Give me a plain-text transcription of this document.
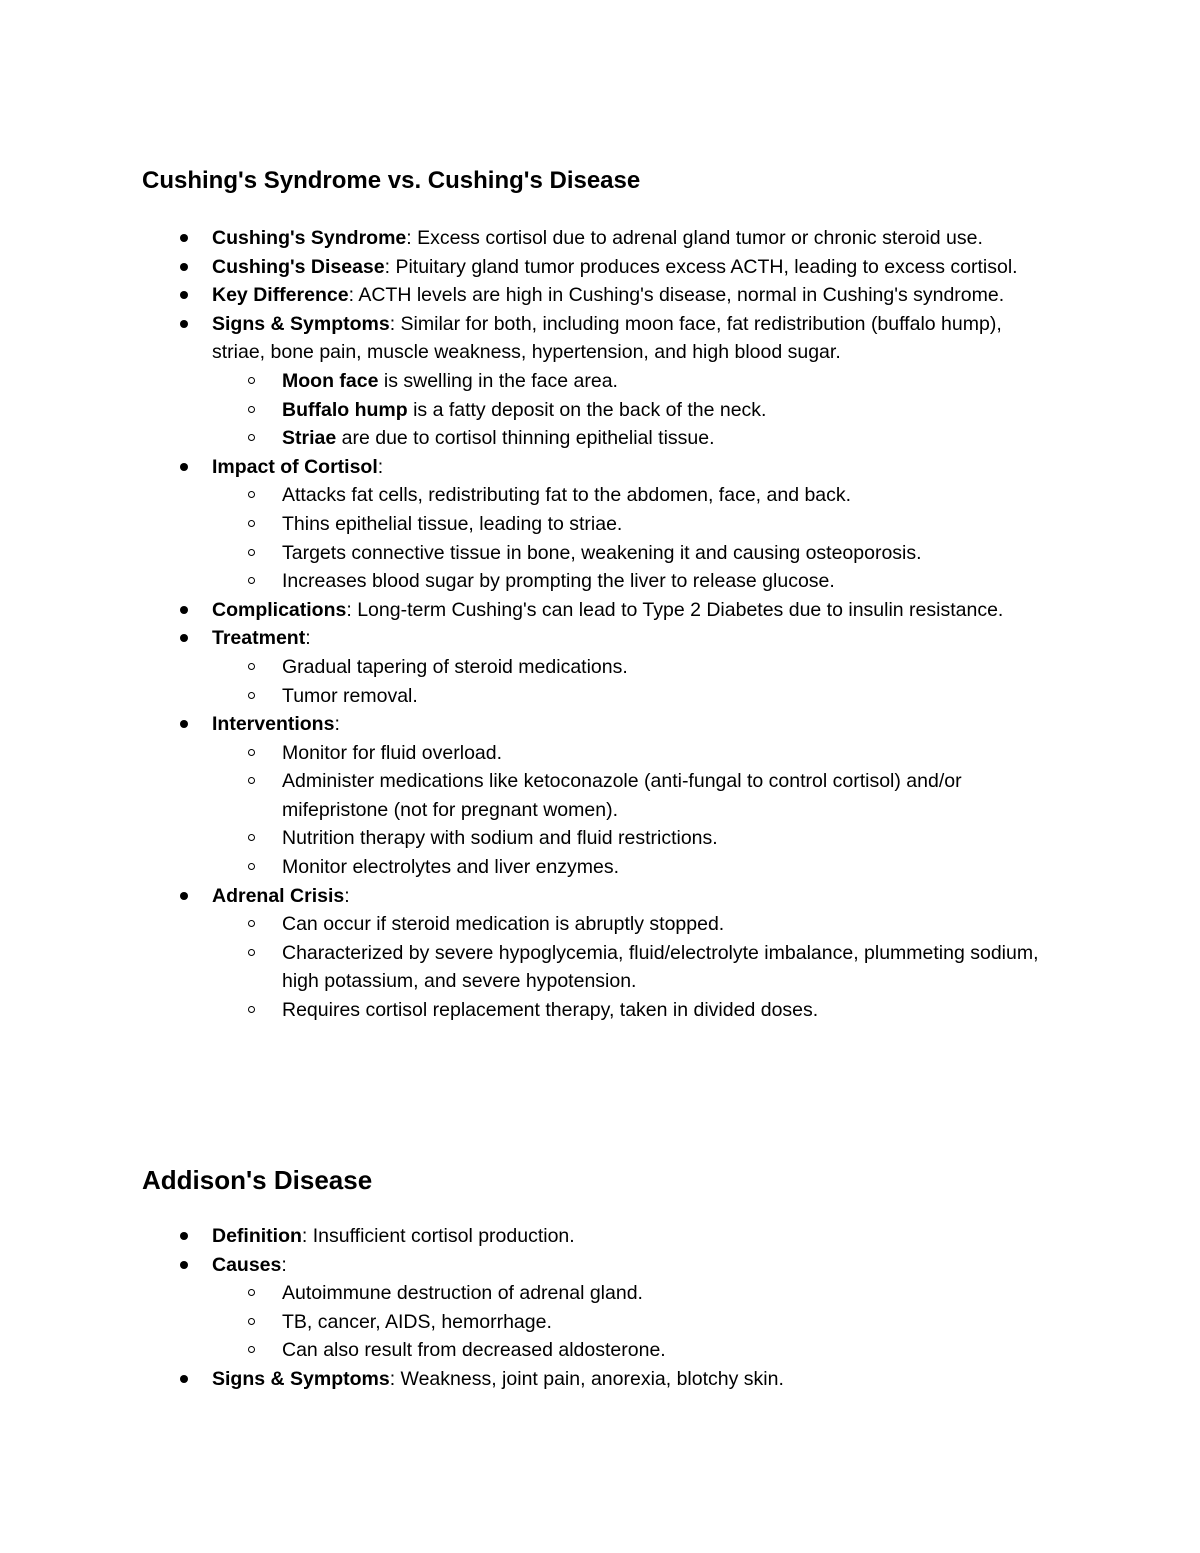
Cushing's Syndrome vs. Cushing's Disease
Cushing's Syndrome: Excess cortisol due to adrenal gland tumor or chronic steroid use.
Cushing's Disease: Pituitary gland tumor produces excess ACTH, leading to excess cortisol.
Key Difference: ACTH levels are high in Cushing's disease, normal in Cushing's syndrome.
Signs & Symptoms: Similar for both, including moon face, fat redistribution (buffalo hump), striae, bone pain, muscle weakness, hypertension, and high blood sugar.
Moon face is swelling in the face area.
Buffalo hump is a fatty deposit on the back of the neck.
Striae are due to cortisol thinning epithelial tissue.
Impact of Cortisol:
Attacks fat cells, redistributing fat to the abdomen, face, and back.
Thins epithelial tissue, leading to striae.
Targets connective tissue in bone, weakening it and causing osteoporosis.
Increases blood sugar by prompting the liver to release glucose.
Complications: Long-term Cushing's can lead to Type 2 Diabetes due to insulin resistance.
Treatment:
Gradual tapering of steroid medications.
Tumor removal.
Interventions:
Monitor for fluid overload.
Administer medications like ketoconazole (anti-fungal to control cortisol) and/or mifepristone (not for pregnant women).
Nutrition therapy with sodium and fluid restrictions.
Monitor electrolytes and liver enzymes.
Adrenal Crisis:
Can occur if steroid medication is abruptly stopped.
Characterized by severe hypoglycemia, fluid/electrolyte imbalance, plummeting sodium, high potassium, and severe hypotension.
Requires cortisol replacement therapy, taken in divided doses.
Addison's Disease
Definition: Insufficient cortisol production.
Causes:
Autoimmune destruction of adrenal gland.
TB, cancer, AIDS, hemorrhage.
Can also result from decreased aldosterone.
Signs & Symptoms: Weakness, joint pain, anorexia, blotchy skin.
